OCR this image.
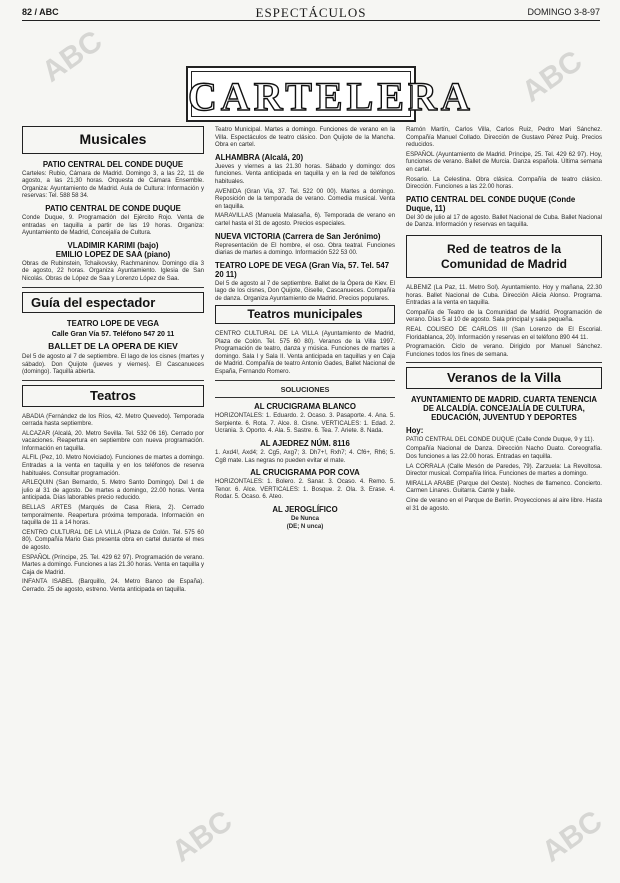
82 / ABC	ESPECTÁCULOS	DOMINGO 3-8-97
CARTELERA
ABC	ABC
ABC	ABC
Musicales
PATIO CENTRAL DEL CONDE DUQUE

Carteles: Rubio, Cámara de Madrid. Domingo 3, a las 22, 11 de agosto, a las 21,30 horas. Orquesta de Cámara Ensemble. Organiza: Ayuntamiento de Madrid. Aula de Cultura: Información y reservas: Tel. 588 58 34.

PATIO CENTRAL DE CONDE DUQUE

Conde Duque, 9. Programación del Ejército Rojo. Venta de entradas en taquilla a partir de las 19 horas. Organiza: Ayuntamiento de Madrid, Concejalía de Cultura.

VLADIMIR KARIMI (bajo)
EMILIO LOPEZ DE SAA (piano)

Obras de Rubinstein, Tchaikovsky, Rachmaninov. Domingo día 3 de agosto, 22 horas. Organiza Ayuntamiento. Iglesia de San Nicolás. Obras de López de Saa y Lorenzo López de Saa.

Guía del espectador
TEATRO LOPE DE VEGA
Calle Gran Vía 57. Teléfono 547 20 11
BALLET DE LA OPERA DE KIEV

Del 5 de agosto al 7 de septiembre. El lago de los cisnes (martes y sábado). Don Quijote (jueves y viernes). El Cascanueces (domingo). Taquilla abierta.

Teatros

ABADIA (Fernández de los Ríos, 42. Metro Quevedo). Temporada cerrada hasta septiembre.

ALCAZAR (Alcalá, 20. Metro Sevilla. Tel. 532 06 16). Cerrado por vacaciones. Reapertura en septiembre con nueva programación. Información en taquilla.

ALFIL (Pez, 10. Metro Noviciado). Funciones de martes a domingo. Entradas a la venta en taquilla y en los teléfonos de reserva habituales. Consultar programación.

ARLEQUIN (San Bernardo, 5. Metro Santo Domingo). Del 1 de julio al 31 de agosto. De martes a domingo, 22.00 horas. Venta anticipada. Días laborables precio reducido.

BELLAS ARTES (Marqués de Casa Riera, 2). Cerrado temporalmente. Reapertura próxima temporada. Información en taquilla de 11 a 14 horas.

CENTRO CULTURAL DE LA VILLA (Plaza de Colón. Tel. 575 60 80). Compañía Mario Gas presenta obra en cartel durante el mes de agosto.

ESPAÑOL (Príncipe, 25. Tel. 429 62 97). Programación de verano. Martes a domingo. Funciones a las 21.30 horas. Venta en taquilla y Caja de Madrid.

INFANTA ISABEL (Barquillo, 24. Metro Banco de España). Cerrado. 25 de agosto, estreno. Venta anticipada en taquilla.

Teatro Municipal. Martes a domingo. Funciones de verano en la Villa. Espectáculos de teatro clásico. Don Quijote de la Mancha. Obra en cartel.

ALHAMBRA (Alcalá, 20)

Jueves y viernes a las 21.30 horas. Sábado y domingo: dos funciones. Venta anticipada en taquilla y en la red de teléfonos habituales.

AVENIDA (Gran Vía, 37. Tel. 522 00 00). Martes a domingo. Reposición de la temporada de verano. Comedia musical. Venta en taquilla.

MARAVILLAS (Manuela Malasaña, 6). Temporada de verano en cartel hasta el 31 de agosto. Precios especiales.

NUEVA VICTORIA (Carrera de San Jerónimo)

Representación de El hombre, el oso. Obra teatral. Funciones diarias de martes a domingo. Información 522 53 00.

TEATRO LOPE DE VEGA (Gran Vía, 57. Tel. 547 20 11)

Del 5 de agosto al 7 de septiembre. Ballet de la Ópera de Kiev. El lago de los cisnes, Don Quijote, Giselle, Cascanueces. Compañía de danza. Organiza Ayuntamiento de Madrid. Precios populares.

Teatros municipales

CENTRO CULTURAL DE LA VILLA (Ayuntamiento de Madrid, Plaza de Colón. Tel. 575 60 80). Veranos de la Villa 1997. Programación de teatro, danza y música. Funciones de martes a domingo. Sala I y Sala II. Venta anticipada en taquillas y en Caja de Madrid. Compañía de teatro Antonio Gades, Ballet Nacional de España, Fernando Romero.

SOLUCIONES
AL CRUCIGRAMA BLANCO

HORIZONTALES: 1. Eduardo. 2. Ocaso. 3. Pasaporte. 4. Ana. 5. Serpiente. 6. Rota. 7. Alce. 8. Cisne. VERTICALES: 1. Edad. 2. Ucrania. 3. Oporto. 4. Ala. 5. Sastre. 6. Tea. 7. Ariete. 8. Nada.

AL AJEDREZ NÚM. 8116

1. Axd4!, Axd4; 2. Cg5, Axg7; 3. Dh7+!, Rxh7; 4. Cf6+, Rh6; 5. Cg8 mate. Las negras no pueden evitar el mate.

AL CRUCIGRAMA POR COVA

HORIZONTALES: 1. Bolero. 2. Sanar. 3. Ocaso. 4. Remo. 5. Tenor. 6. Alce. VERTICALES: 1. Bosque. 2. Ola. 3. Erase. 4. Rodar. 5. Ocaso. 6. Ateo.

AL JEROGLÍFICO

De Nunca
(DE; N unca)

Ramón Martín, Carlos Villa, Carlos Ruiz, Pedro Mari Sánchez. Compañía Manuel Collado. Dirección de Gustavo Pérez Puig. Precios reducidos.

ESPAÑOL (Ayuntamiento de Madrid. Príncipe, 25. Tel. 429 62 97). Hoy, funciones de verano. Ballet de Murcia. Danza española. Última semana en cartel.

Rosario. La Celestina. Obra clásica. Compañía de teatro clásico. Dirección. Funciones a las 22.00 horas.

PATIO CENTRAL DEL CONDE DUQUE (Conde Duque, 11)

Del 30 de julio al 17 de agosto. Ballet Nacional de Cuba. Ballet Nacional de Danza. Información y reservas en taquilla.

Red de teatros de la
Comunidad de Madrid

ALBENIZ (La Paz, 11. Metro Sol). Ayuntamiento. Hoy y mañana, 22.30 horas. Ballet Nacional de Cuba. Dirección Alicia Alonso. Programa. Entradas a la venta en taquilla.

Compañía de Teatro de la Comunidad de Madrid. Programación de verano. Días 5 al 10 de agosto. Sala principal y sala pequeña.

REAL COLISEO DE CARLOS III (San Lorenzo de El Escorial. Floridablanca, 20). Información y reservas en el teléfono 890 44 11.

Programación. Ciclo de verano. Dirigido por Manuel Sánchez. Funciones todos los fines de semana.

Veranos de la Villa
AYUNTAMIENTO DE MADRID. CUARTA TENENCIA DE ALCALDÍA. CONCEJALÍA DE CULTURA, EDUCACIÓN, JUVENTUD Y DEPORTES
Hoy:

PATIO CENTRAL DEL CONDE DUQUE (Calle Conde Duque, 9 y 11).

Compañía Nacional de Danza. Dirección Nacho Duato. Coreografía. Dos funciones a las 22.00 horas. Entradas en taquilla.

LA CORRALA (Calle Mesón de Paredes, 79). Zarzuela: La Revoltosa. Director musical. Compañía lírica. Funciones de martes a domingo.

MIRALLA ARABE (Parque del Oeste). Noches de flamenco. Concierto. Carmen Linares. Guitarra. Cante y baile.

Cine de verano en el Parque de Berlín. Proyecciones al aire libre. Hasta el 31 de agosto.
